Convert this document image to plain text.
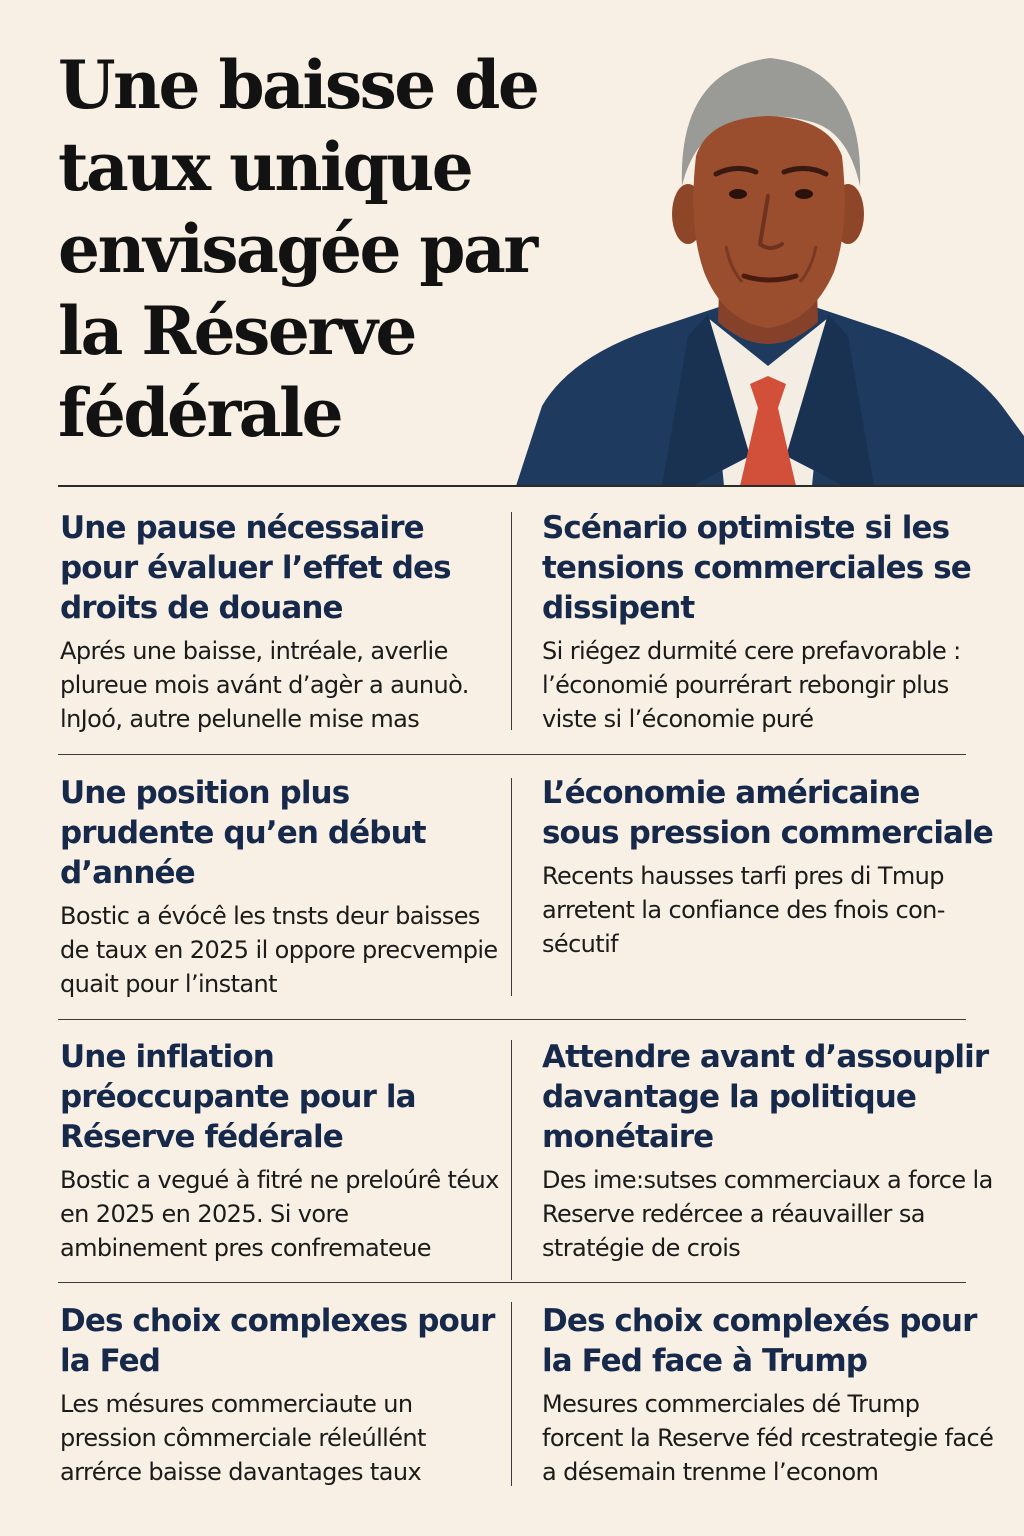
Une baisse de taux unique envisagée par la Réserve fédérale
Une pause nécessaire pour évaluer l’effet des droits de douane

Aprés une baisse, intréale, averlie plureue mois avánt d’agèr a aunuò. lnJoó, autre pelunelle mise mas

Scénario optimiste si les tensions commerciales se dissipent

Si riégez durmité cere prefavorable : l’économié pourrérart rebongir plus viste si l’économie puré

Une position plus prudente qu’en début d’année

Bostic a évócê les tnsts deur baisses de taux en 2025 il oppore precvempie quait pour l’instant

L’économie américaine sous pression commerciale

Recents hausses tarfi pres di Tmup arretent la confiance des fnois con-sécutif

Une inflation préoccupante pour la Réserve fédérale

Bostic a vegué à fitré ne preloúrê téux en 2025 en 2025. Si vore ambinement pres confremateue

Attendre avant d’assouplir davantage la politique monétaire

Des ime:sutses commerciaux a force la Reserve redércee a réauvailler sa stratégie de crois

Des choix complexes pour la Fed

Les mésures commerciaute un pression cômmerciale réleúllént arrérce baisse davantages taux

Des choix complexés pour la Fed face à Trump

Mesures commerciales dé Trump forcent la Reserve féd rcestrategie facé a désemain trenme l’econom
